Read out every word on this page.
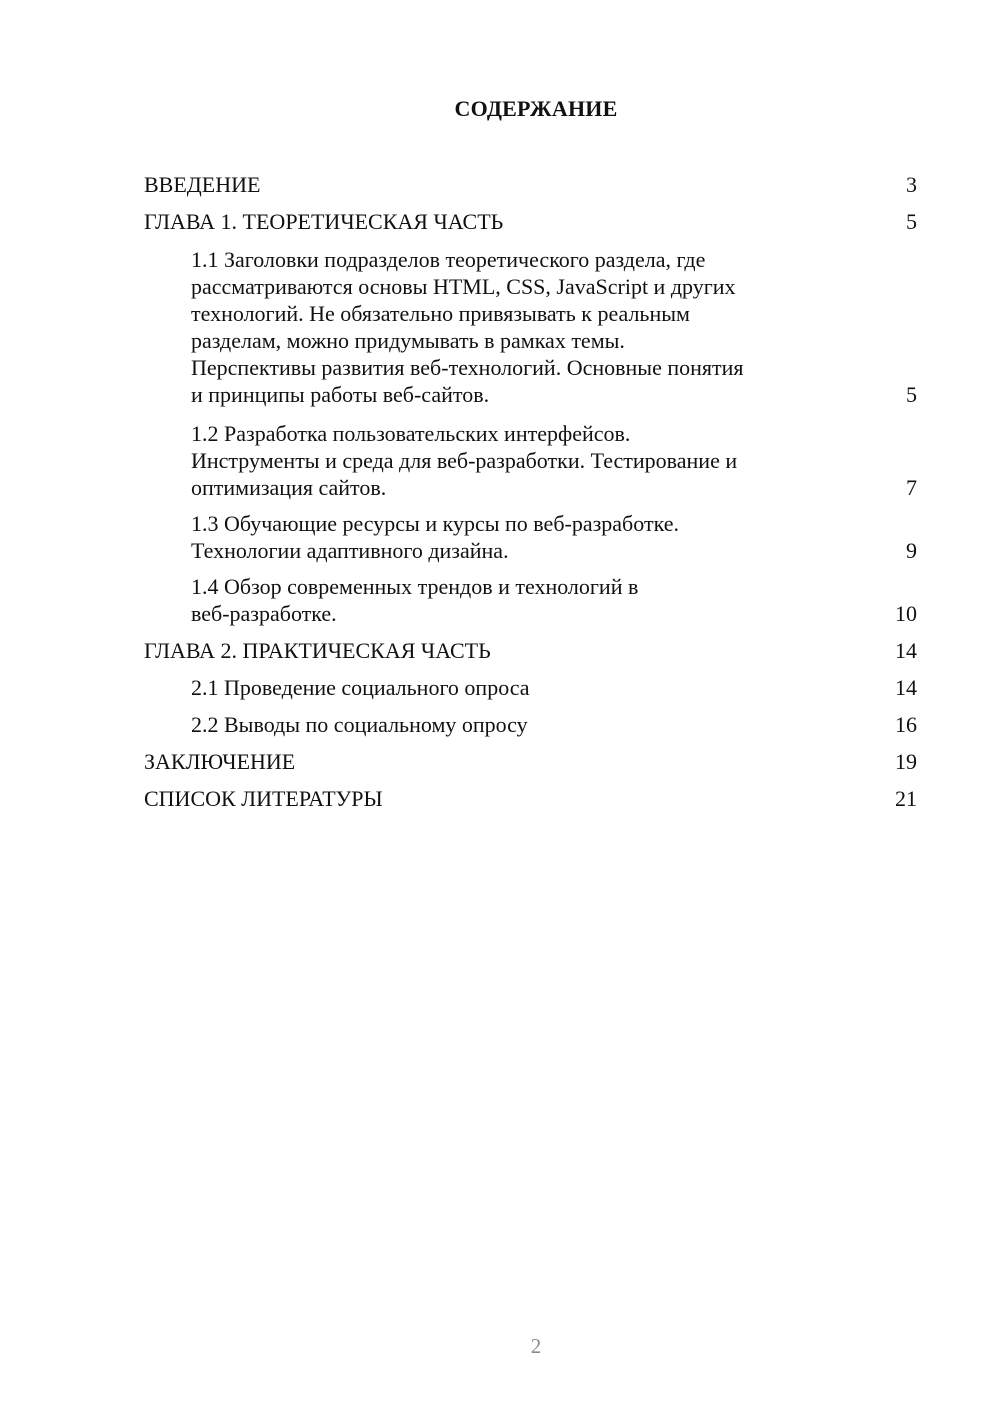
СОДЕРЖАНИЕ
ВВЕДЕНИЕ	3
ГЛАВА 1. ТЕОРЕТИЧЕСКАЯ ЧАСТЬ	5
1.1 Заголовки подразделов теоретического раздела, где
рассматриваются основы HTML, CSS, JavaScript и других
технологий. Не обязательно привязывать к реальным
разделам, можно придумывать в рамках темы.
Перспективы развития веб-технологий. Основные понятия
и принципы работы веб-сайтов.	5
1.2 Разработка пользовательских интерфейсов.
Инструменты и среда для веб-разработки. Тестирование и
оптимизация сайтов.	7
1.3 Обучающие ресурсы и курсы по веб-разработке.
Технологии адаптивного дизайна.	9
1.4 Обзор современных трендов и технологий в
веб-разработке.	10
ГЛАВА 2. ПРАКТИЧЕСКАЯ ЧАСТЬ	14
2.1 Проведение социального опроса	14
2.2 Выводы по социальному опросу	16
ЗАКЛЮЧЕНИЕ	19
СПИСОК ЛИТЕРАТУРЫ	21
2
